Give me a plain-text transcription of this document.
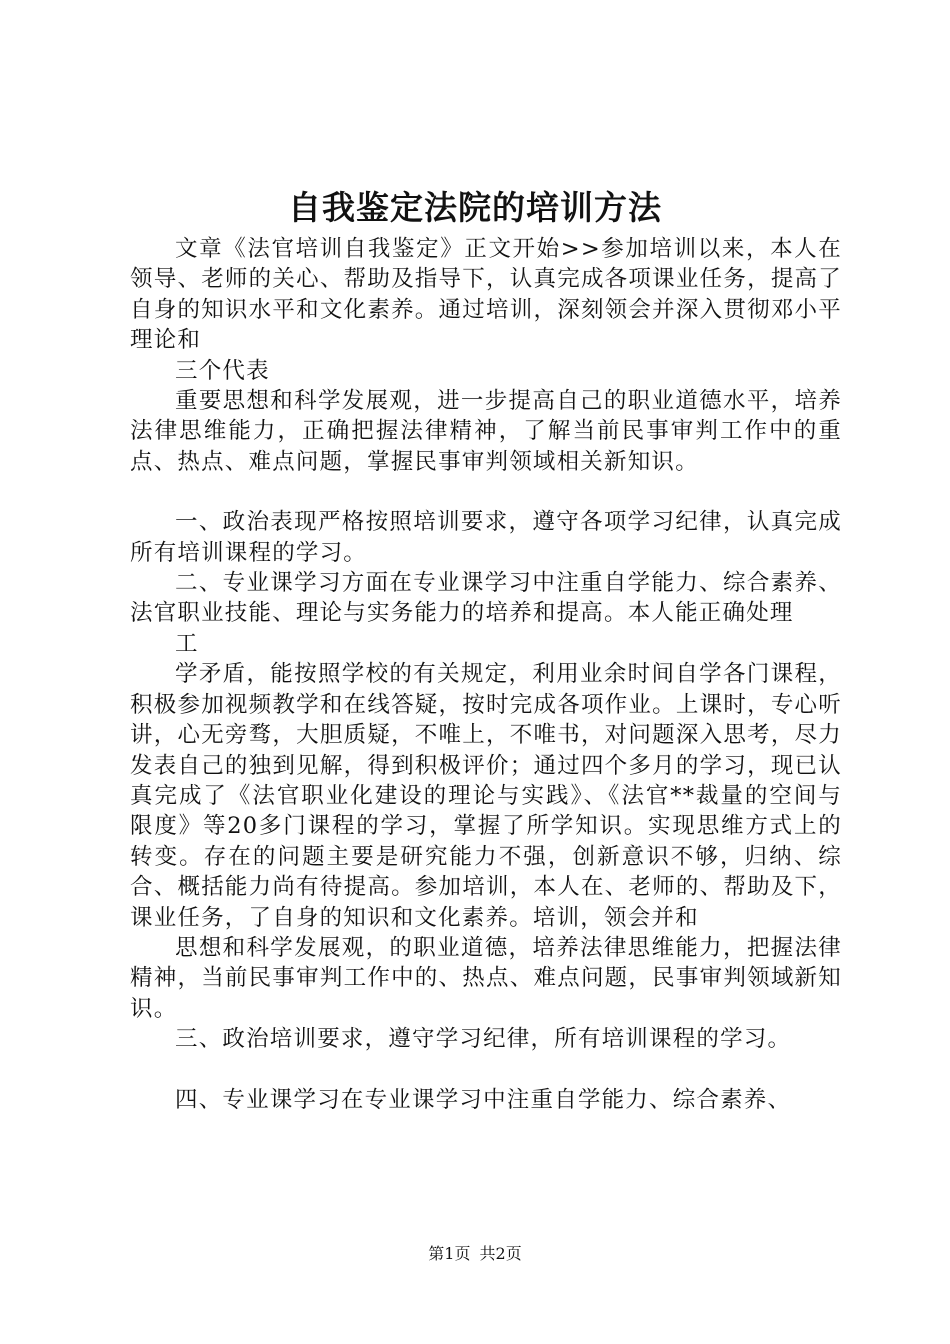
自我鉴定法院的培训方法

文章《法官培训自我鉴定》正文开始>>参加培训以来，本人在领导、老师的关心、帮助及指导下，认真完成各项课业任务，提高了自身的知识水平和文化素养。通过培训，深刻领会并深入贯彻邓小平理论和

三个代表

重要思想和科学发展观，进一步提高自己的职业道德水平，培养法律思维能力，正确把握法律精神，了解当前民事审判工作中的重点、热点、难点问题，掌握民事审判领域相关新知识。

一、政治表现严格按照培训要求，遵守各项学习纪律，认真完成所有培训课程的学习。

二、专业课学习方面在专业课学习中注重自学能力、综合素养、法官职业技能、理论与实务能力的培养和提高。本人能正确处理

工

学矛盾，能按照学校的有关规定，利用业余时间自学各门课程，积极参加视频教学和在线答疑，按时完成各项作业。上课时，专心听讲，心无旁骛，大胆质疑，不唯上，不唯书，对问题深入思考，尽力发表自己的独到见解，得到积极评价；通过四个多月的学习，现已认真完成了《法官职业化建设的理论与实践》、《法官**裁量的空间与限度》等20多门课程的学习，掌握了所学知识。实现思维方式上的转变。存在的问题主要是研究能力不强，创新意识不够，归纳、综合、概括能力尚有待提高。参加培训，本人在、老师的、帮助及下，课业任务，了自身的知识和文化素养。培训，领会并和

思想和科学发展观，的职业道德，培养法律思维能力，把握法律精神，当前民事审判工作中的、热点、难点问题，民事审判领域新知识。

三、政治培训要求，遵守学习纪律，所有培训课程的学习。

四、专业课学习在专业课学习中注重自学能力、综合素养、

第1页 共2页
